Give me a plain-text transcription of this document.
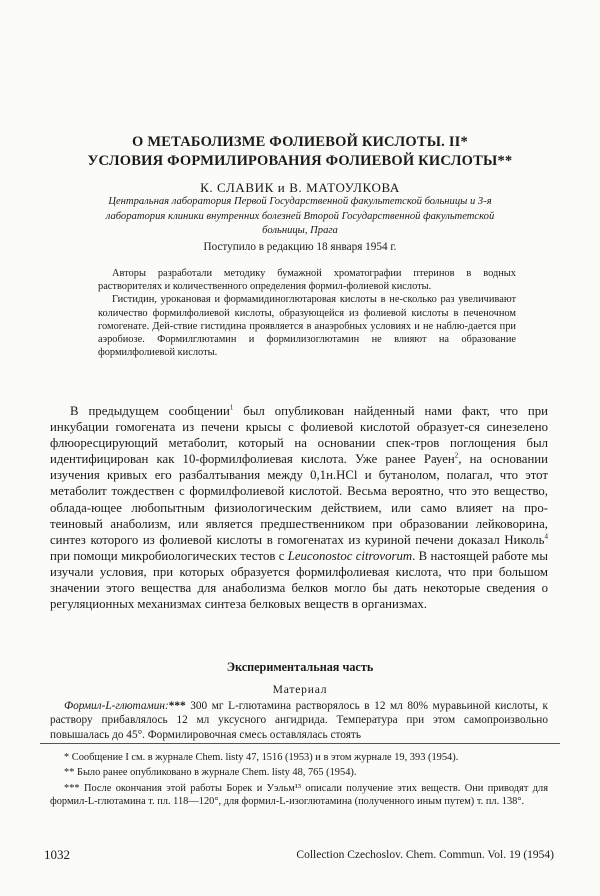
О МЕТАБОЛИЗМЕ ФОЛИЕВОЙ КИСЛОТЫ. II*
УСЛОВИЯ ФОРМИЛИРОВАНИЯ ФОЛИЕВОЙ КИСЛОТЫ**
К. СЛАВИК и В. МАТОУЛКОВА
Центральная лаборатория Первой Государственной факультетской больницы и 3-я лаборатория клиники внутренних болезней Второй Государственной факультетской больницы, Прага
Поступило в редакцию 18 января 1954 г.

Авторы разработали методику бумажной хроматографии птеринов в водных растворителях и количественного определения формил-фолиевой кислоты.

Гистидин, урокановая и формамидиноглютаровая кислоты в не-сколько раз увеличивают количество формилфолиевой кислоты, образующейся из фолиевой кислоты в печеночном гомогенате. Дей-ствие гистидина проявляется в анаэробных условиях и не наблю-дается при аэробиозе. Формилглютамин и формилизоглютамин не влияют на образование формилфолиевой кислоты.

В предыдущем сообщении$^1$ был опубликован найденный нами факт, что при инкубации гомогената из печени крысы с фолиевой кислотой образует-ся синезелено флюоресцирующий метаболит, который на основании спек-тров поглощения был идентифицирован как 10-формилфолиевая кислота. Уже ранее Рауен$^2$, на основании изучения кривых его разбалтывания между 0,1н.HCl и бутанолом, полагал, что этот метаболит тождествен с формилфолиевой кислотой. Весьма вероятно, что это вещество, облада-ющее любопытным физиологическим действием, или само влияет на про-теиновый анаболизм, или является предшественником при образовании лейковорина, синтез которого из фолиевой кислоты в гомогенатах из куриной печени доказал Николь$^4$ при помощи микробиологических тестов с Leuconostoc citrovorum. В настоящей работе мы изучали условия, при которых образуется формилфолиевая кислота, что при большом значении этого вещества для анаболизма белков могло бы дать некоторые сведения о регуляционных механизмах синтеза белковых веществ в организмах.

Экспериментальная часть
Материал

Формил-L-глютамин:*** 300 мг L-глютамина растворялось в 12 мл 80% муравьиной кислоты, к раствору прибавлялось 12 мл уксусного ангидрида. Температура при этом самопроизвольно повышалась до 45°. Формилировочная смесь оставлялась стоять

* Сообщение I см. в журнале Chem. listy 47, 1516 (1953) и в этом журнале 19, 393 (1954).

** Было ранее опубликовано в журнале Chem. listy 48, 765 (1954).

*** После окончания этой работы Борек и Уэльм¹³ описали получение этих веществ. Они приводят для формил-L-глютамина т. пл. 118—120°, для формил-L-изоглютамина (полученного иным путем) т. пл. 138°.

1032	Collection Czechoslov. Chem. Commun. Vol. 19 (1954)
